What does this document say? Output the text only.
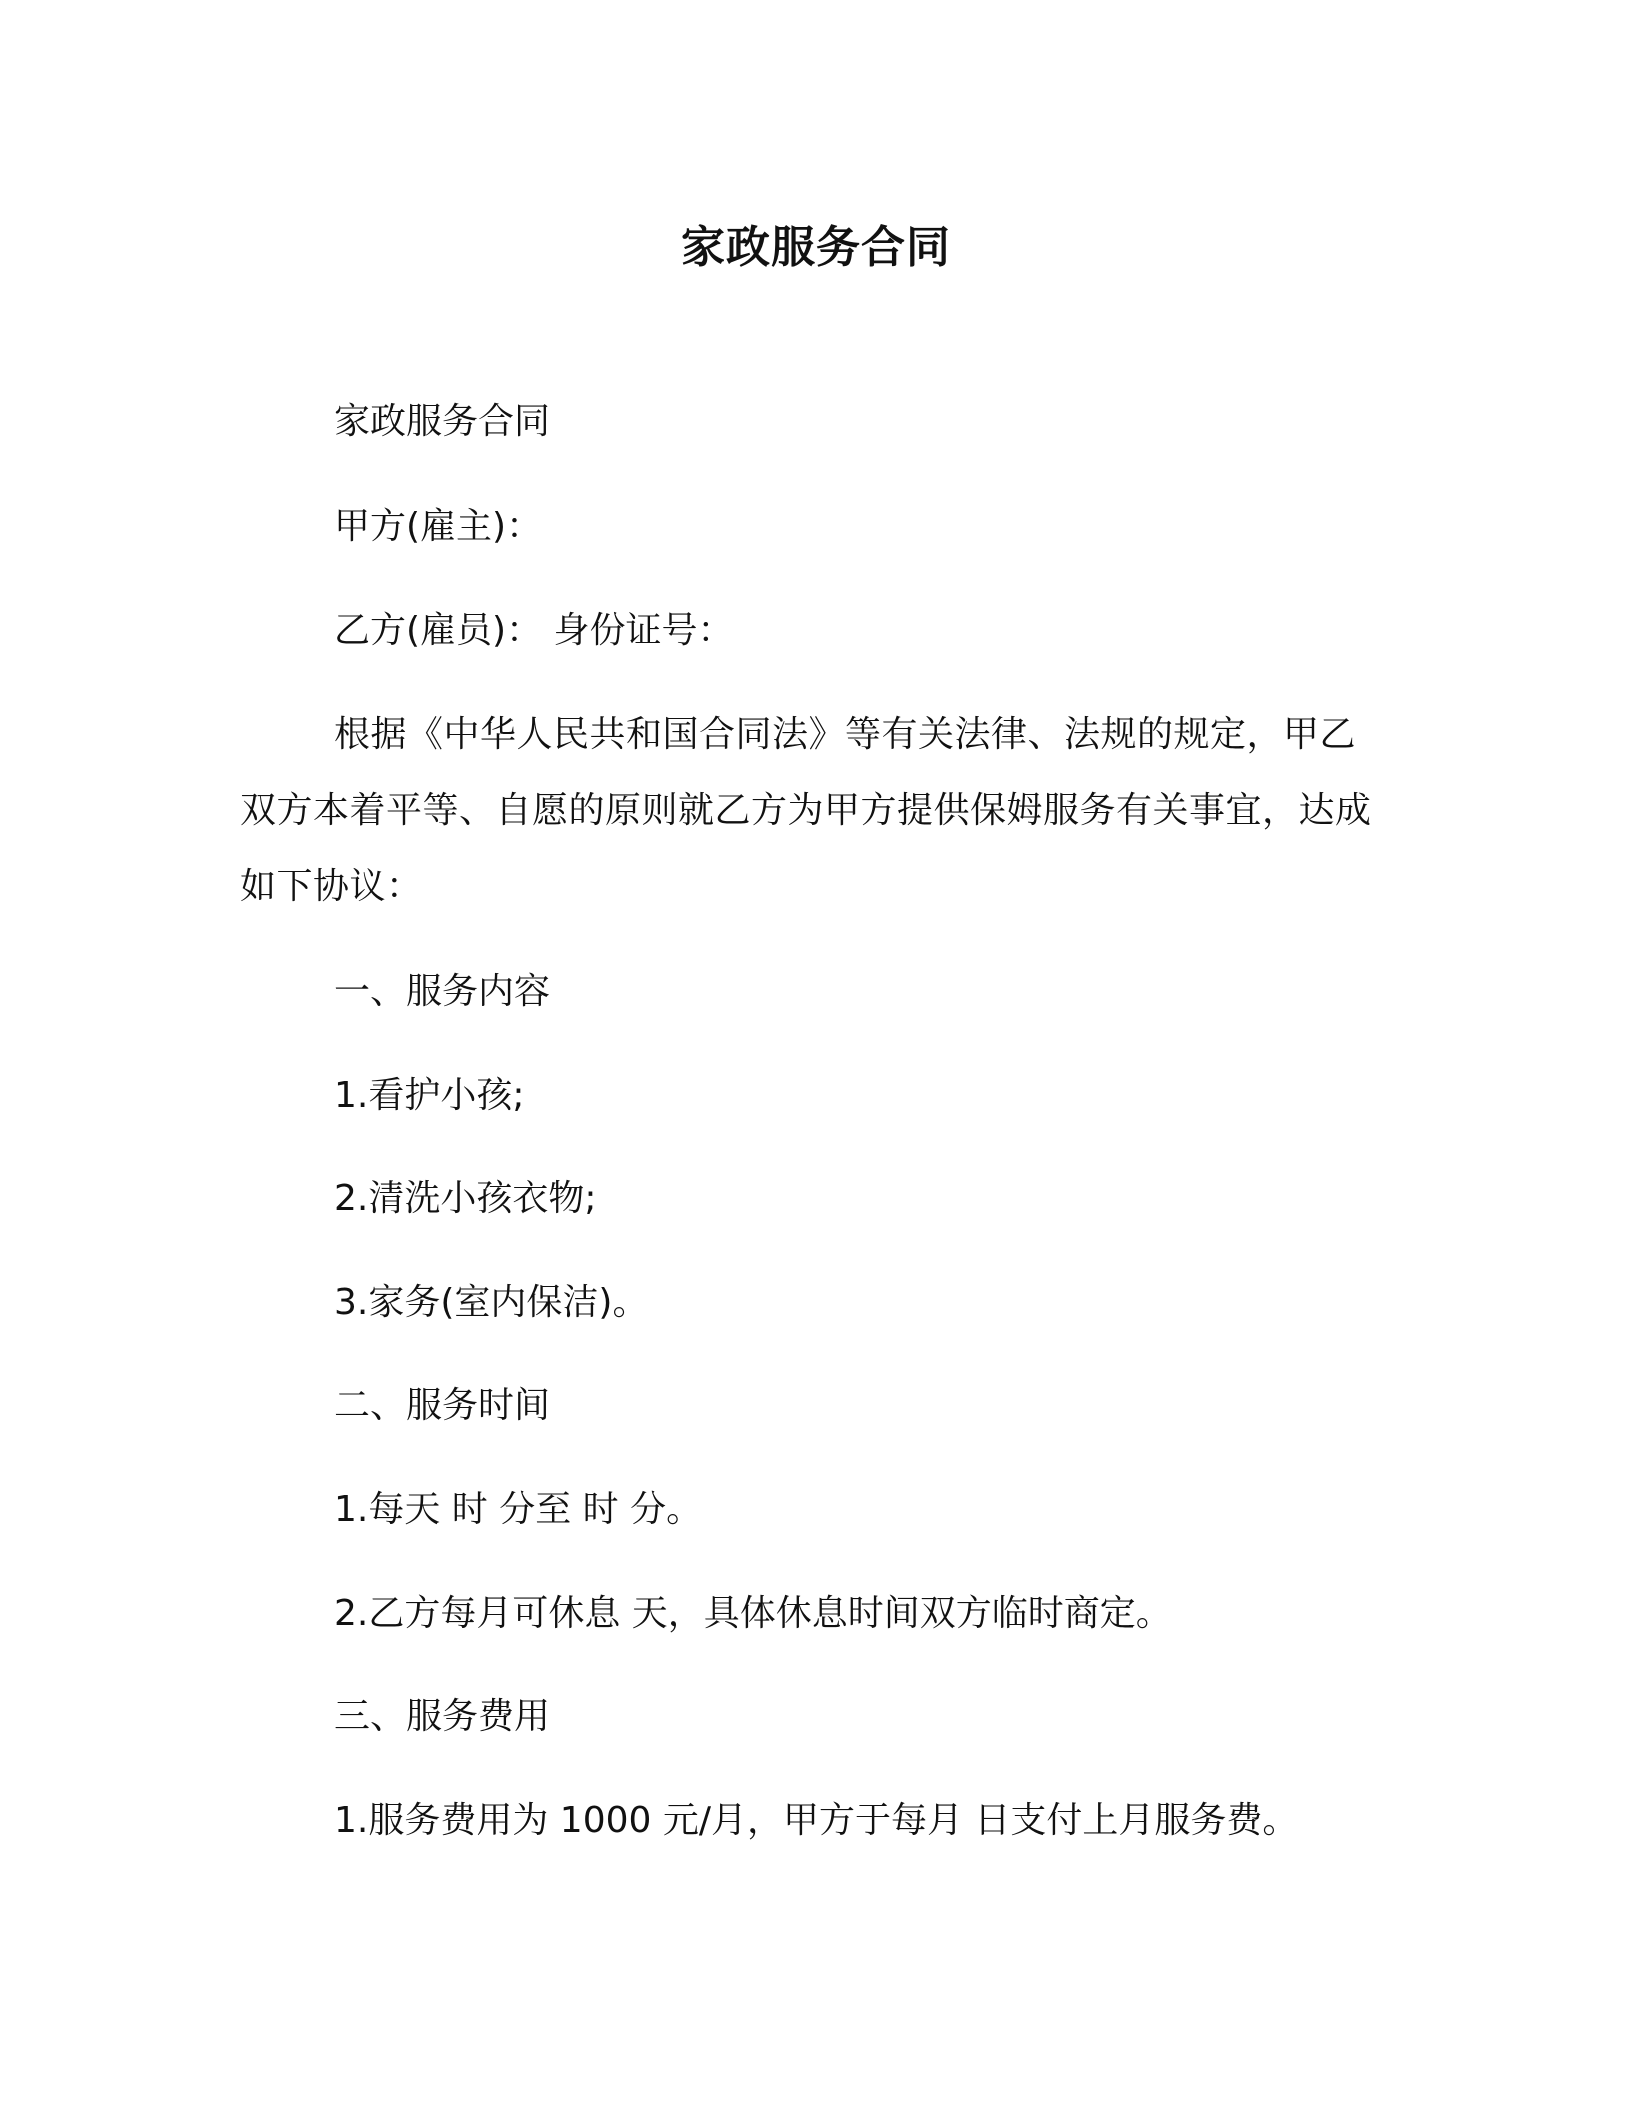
家政服务合同
家政服务合同
甲方(雇主)：
乙方(雇员)： 身份证号：
根据《中华人民共和国合同法》等有关法律、法规的规定，甲乙双方本着平等、自愿的原则就乙方为甲方提供保姆服务有关事宜，达成如下协议：
一、服务内容
1.看护小孩;
2.清洗小孩衣物;
3.家务(室内保洁)。
二、服务时间
1.每天 时 分至 时 分。
2.乙方每月可休息 天，具体休息时间双方临时商定。
三、服务费用
1.服务费用为 1000 元/月，甲方于每月 日支付上月服务费。
